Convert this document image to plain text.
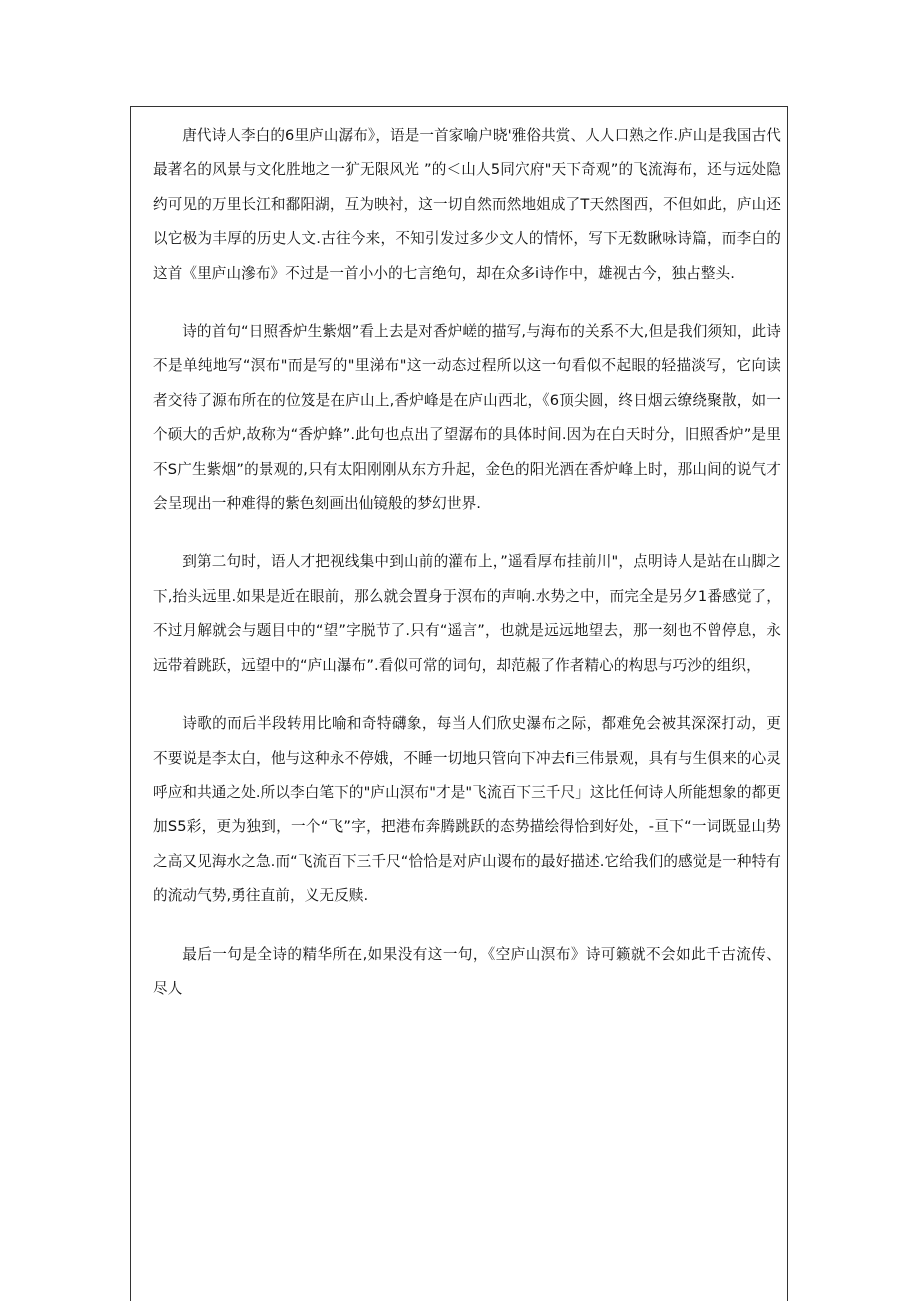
唐代诗人李白的6里庐山潺布》，语是一首家喻户晓'雅俗共赏、人人口熟之作.庐山是我国古代最著名的风景与文化胜地之一犷无限风光 ”的＜山人5同穴府"天下奇观”的飞流海布，还与远处隐约可见的万里长江和鄱阳湖，互为映衬，这一切自然而然地姐成了T天然图西，不但如此，庐山还以它极为丰厚的历史人文.古往今来，不知引发过多少文人的情怀，写下无数瞅咏诗篇，而李白的这首《里庐山滲布》不过是一首小小的七言绝句，却在众多i诗作中，雄视古今，独占整头.

诗的首句“日照香炉生紫烟”看上去是对香炉嵯的描写,与海布的关系不大,但是我们须知，此诗不是单纯地写“溟布"而是写的"里涕布"这一动态过程所以这一句看似不起眼的轻描淡写，它向读者交待了源布所在的位笈是在庐山上,香炉峰是在庐山西北，《6顶尖圆，终日烟云缭绕聚散，如一个硕大的舌炉,故称为“香炉蜂”.此句也点出了望潺布的具体时间.因为在白天时分，旧照香炉”是里不S广生紫烟”的景观的,只有太阳刚刚从东方升起，金色的阳光洒在香炉峰上时，那山间的说气才会呈现出一种难得的紫色刻画出仙镜般的梦幻世界.

到第二句时，语人才把视线集中到山前的灌布上，”遥看厚布挂前川"，点明诗人是站在山脚之下,抬头远里.如果是近在眼前，那么就会置身于溟布的声响.水势之中，而完全是另夕1番感觉了，不过月解就会与题目中的“望”字脱节了.只有“遥言”，也就是远远地望去，那一刻也不曾停息，永远带着跳跃，远望中的“庐山瀑布”.看似可常的词句，却范赧了作者精心的构思与巧沙的组织，

诗歌的而后半段转用比喻和奇特礴象，每当人们欣史瀑布之际，都难免会被其深深打动，更不要说是李太白，他与这种永不停娥，不睡一切地只管向下冲去fi三伟景观，具有与生俱来的心灵呼应和共通之处.所以李白笔下的"庐山溟布"才是"飞流百下三千尺」这比任何诗人所能想象的都更加S5彩，更为独到，一个“飞”字，把港布奔腾跳跃的态势描绘得恰到好处，-亘下“一词既显山势之高又见海水之急.而“飞流百下三千尺“恰恰是对庐山谡布的最好描述.它给我们的感觉是一种特有的流动气势,勇往直前，义无反赎.

最后一句是全诗的精华所在,如果没有这一句，《空庐山溟布》诗可籁就不会如此千古流传、尽人
